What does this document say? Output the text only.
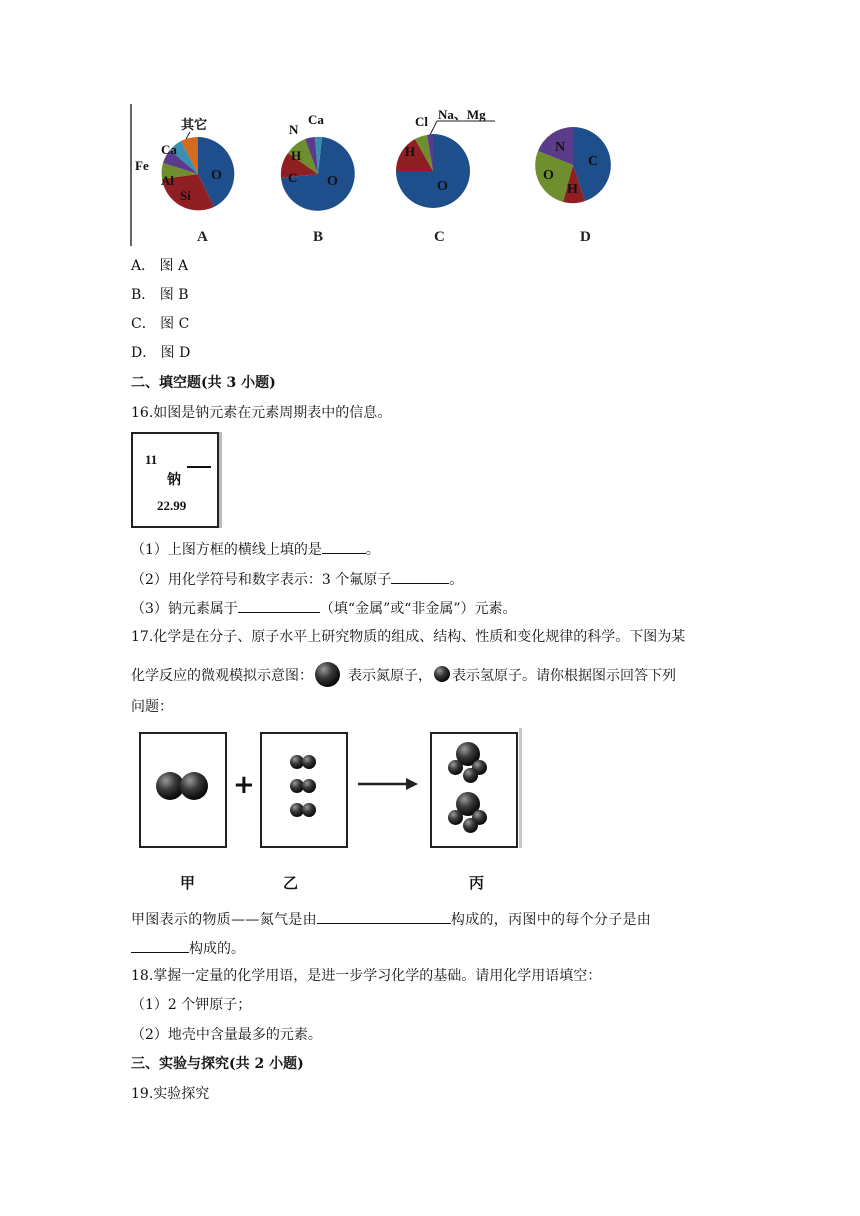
其它
Ca
Fe
Al
Si
O
N
Ca
H
C O
Cl Na、Mg
H
O
N
C
O
H
A	B	C	D
A． 图 A
B． 图 B
C． 图 C
D． 图 D
二、填空题(共 3 小题)
16.如图是钠元素在元素周期表中的信息。
11
钠
22.99
（1）上图方框的横线上填的是	。
（2）用化学符号和数字表示：3 个氟原子	。
（3）钠元素属于	（填“金属”或“非金属”）元素。
17.化学是在分子、原子水平上研究物质的组成、结构、性质和变化规律的科学。下图为某
化学反应的微观模拟示意图：	表示氮原子， 表示氢原子。请你根据图示回答下列
问题：
+
甲	乙	丙
甲图表示的物质——氮气是由	构成的，丙图中的每个分子是由
构成的。
18.掌握一定量的化学用语，是进一步学习化学的基础。请用化学用语填空：
（1）2 个钾原子；
（2）地壳中含量最多的元素。
三、实验与探究(共 2 小题)
19.实验探究
